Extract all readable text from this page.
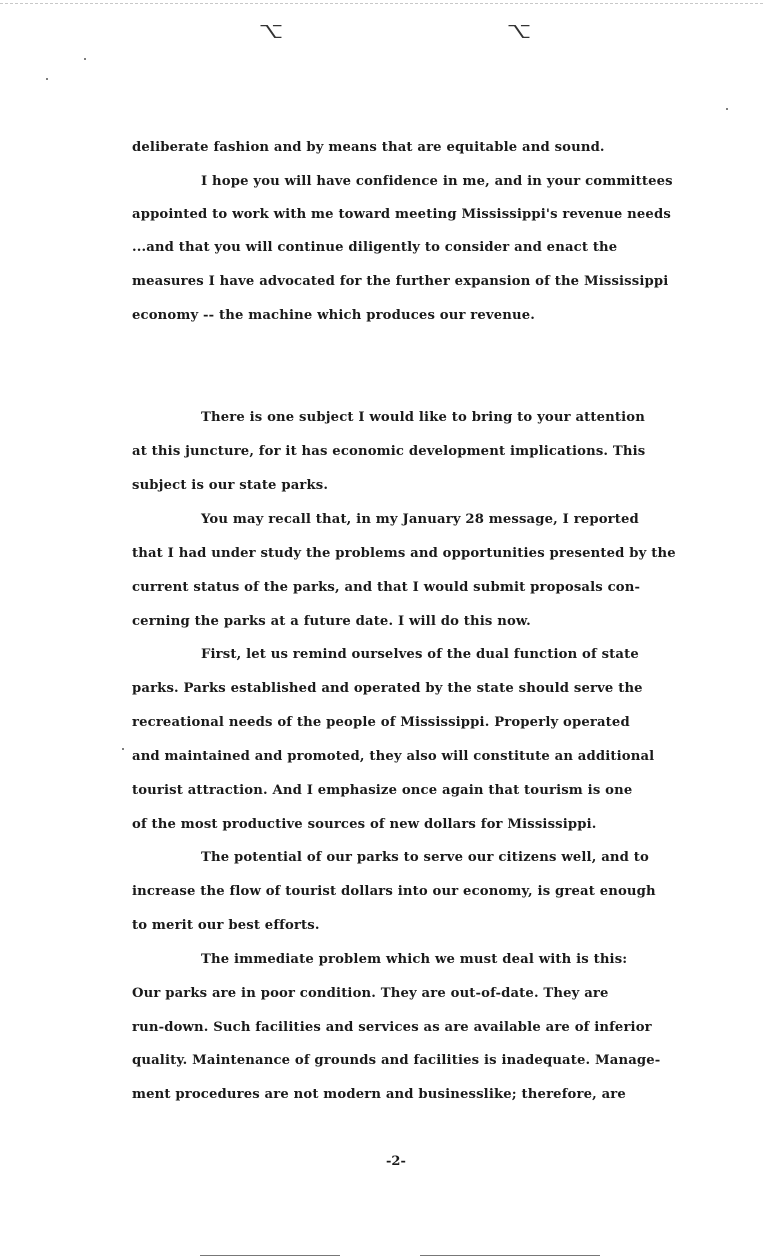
⌥	⌥
deliberate fashion and by means that are equitable and sound.
I hope you will have confidence in me, and in your committees
appointed to work with me toward meeting Mississippi's revenue needs
...and that you will continue diligently to consider and enact the
measures I have advocated for the further expansion of the Mississippi
economy -- the machine which produces our revenue.
There is one subject I would like to bring to your attention
at this juncture, for it has economic development implications. This
subject is our state parks.
You may recall that, in my January 28 message, I reported
that I had under study the problems and opportunities presented by the
current status of the parks, and that I would submit proposals con-
cerning the parks at a future date. I will do this now.
First, let us remind ourselves of the dual function of state
parks. Parks established and operated by the state should serve the
recreational needs of the people of Mississippi. Properly operated
and maintained and promoted, they also will constitute an additional
tourist attraction. And I emphasize once again that tourism is one
of the most productive sources of new dollars for Mississippi.
The potential of our parks to serve our citizens well, and to
increase the flow of tourist dollars into our economy, is great enough
to merit our best efforts.
The immediate problem which we must deal with is this:
Our parks are in poor condition. They are out-of-date. They are
run-down. Such facilities and services as are available are of inferior
quality. Maintenance of grounds and facilities is inadequate. Manage-
ment procedures are not modern and businesslike; therefore, are
-2-
